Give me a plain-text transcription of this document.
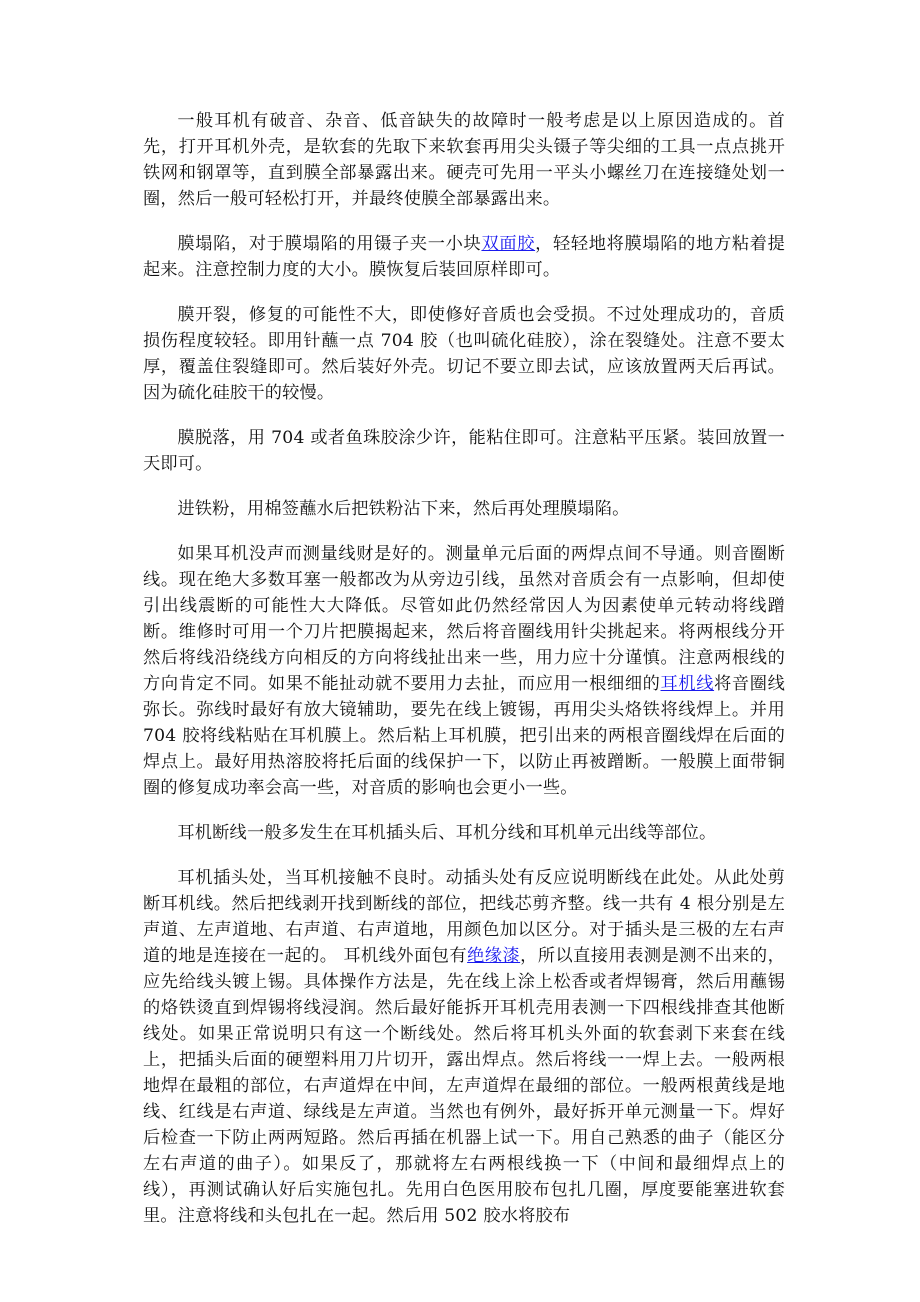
一般耳机有破音、杂音、低音缺失的故障时一般考虑是以上原因造成的。首先，打开耳机外壳，是软套的先取下来软套再用尖头镊子等尖细的工具一点点挑开铁网和钢罩等，直到膜全部暴露出来。硬壳可先用一平头小螺丝刀在连接缝处划一圈，然后一般可轻松打开，并最终使膜全部暴露出来。

膜塌陷，对于膜塌陷的用镊子夹一小块双面胶，轻轻地将膜塌陷的地方粘着提起来。注意控制力度的大小。膜恢复后装回原样即可。

膜开裂，修复的可能性不大，即使修好音质也会受损。不过处理成功的，音质损伤程度较轻。即用针蘸一点 704 胶（也叫硫化硅胶），涂在裂缝处。注意不要太厚，覆盖住裂缝即可。然后装好外壳。切记不要立即去试，应该放置两天后再试。因为硫化硅胶干的较慢。

膜脱落，用 704 或者鱼珠胶涂少许，能粘住即可。注意粘平压紧。装回放置一天即可。

进铁粉，用棉签蘸水后把铁粉沾下来，然后再处理膜塌陷。

如果耳机没声而测量线财是好的。测量单元后面的两焊点间不导通。则音圈断线。现在绝大多数耳塞一般都改为从旁边引线，虽然对音质会有一点影响，但却使引出线震断的可能性大大降低。尽管如此仍然经常因人为因素使单元转动将线蹭断。维修时可用一个刀片把膜揭起来，然后将音圈线用针尖挑起来。将两根线分开然后将线沿绕线方向相反的方向将线扯出来一些，用力应十分谨慎。注意两根线的方向肯定不同。如果不能扯动就不要用力去扯，而应用一根细细的耳机线将音圈线弥长。弥线时最好有放大镜辅助，要先在线上镀锡，再用尖头烙铁将线焊上。并用 704 胶将线粘贴在耳机膜上。然后粘上耳机膜，把引出来的两根音圈线焊在后面的焊点上。最好用热溶胶将托后面的线保护一下，以防止再被蹭断。一般膜上面带铜圈的修复成功率会高一些，对音质的影响也会更小一些。

耳机断线一般多发生在耳机插头后、耳机分线和耳机单元出线等部位。

耳机插头处，当耳机接触不良时。动插头处有反应说明断线在此处。从此处剪断耳机线。然后把线剥开找到断线的部位，把线芯剪齐整。线一共有 4 根分别是左声道、左声道地、右声道、右声道地，用颜色加以区分。对于插头是三极的左右声道的地是连接在一起的。 耳机线外面包有绝缘漆，所以直接用表测是测不出来的，应先给线头镀上锡。具体操作方法是，先在线上涂上松香或者焊锡膏，然后用蘸锡的烙铁烫直到焊锡将线浸润。然后最好能拆开耳机壳用表测一下四根线排查其他断线处。如果正常说明只有这一个断线处。然后将耳机头外面的软套剥下来套在线上，把插头后面的硬塑料用刀片切开，露出焊点。然后将线一一焊上去。一般两根地焊在最粗的部位，右声道焊在中间，左声道焊在最细的部位。一般两根黄线是地线、红线是右声道、绿线是左声道。当然也有例外，最好拆开单元测量一下。焊好后检查一下防止两两短路。然后再插在机器上试一下。用自己熟悉的曲子（能区分左右声道的曲子）。如果反了，那就将左右两根线换一下（中间和最细焊点上的线），再测试确认好后实施包扎。先用白色医用胶布包扎几圈，厚度要能塞进软套里。注意将线和头包扎在一起。然后用 502 胶水将胶布
